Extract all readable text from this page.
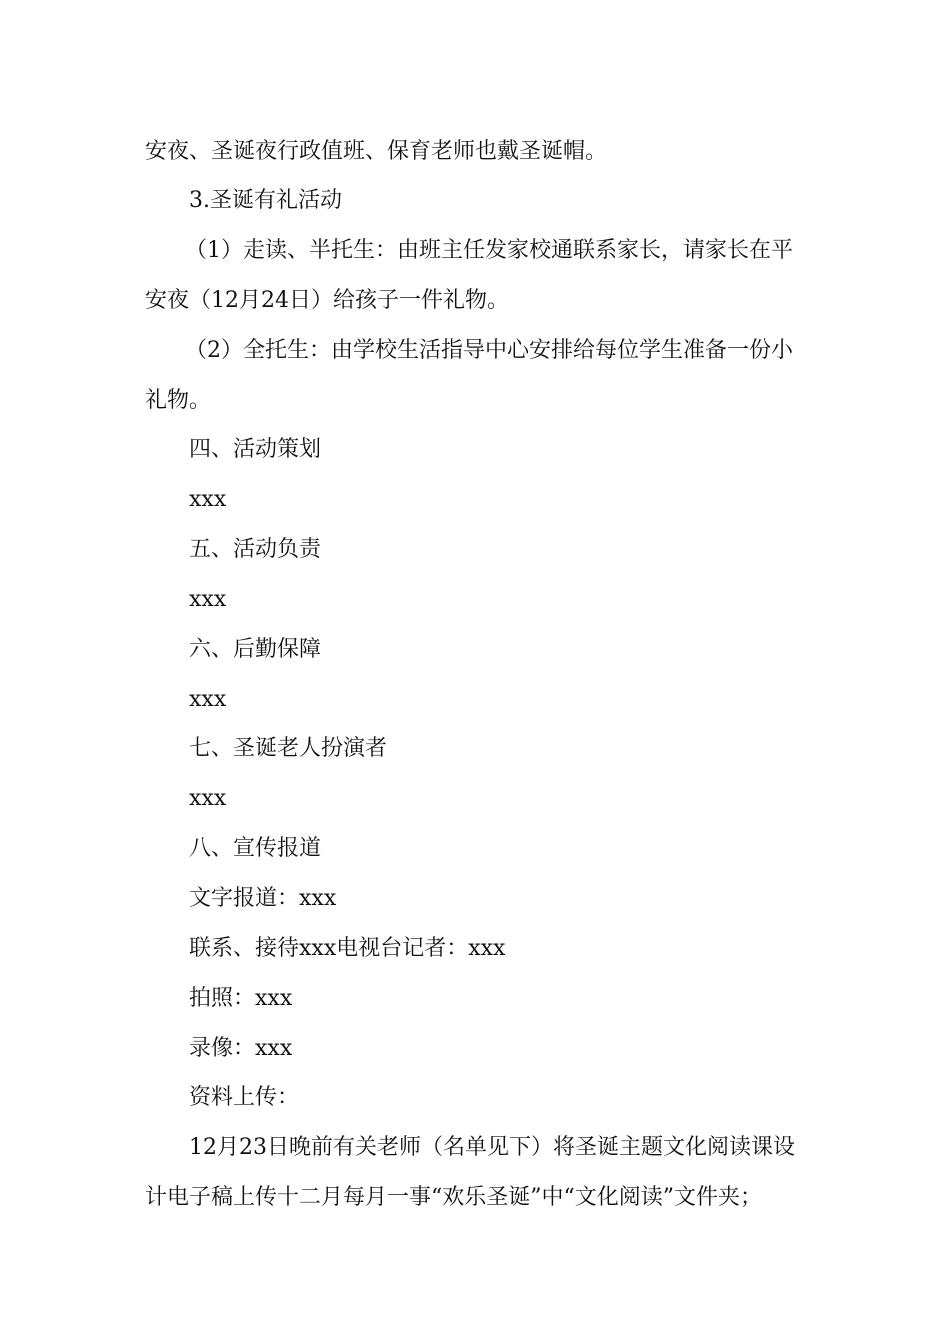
安夜、圣诞夜行政值班、保育老师也戴圣诞帽。
3.圣诞有礼活动
（1）走读、半托生：由班主任发家校通联系家长，请家长在平
安夜（12月24日）给孩子一件礼物。
（2）全托生：由学校生活指导中心安排给每位学生准备一份小
礼物。
四、活动策划
xxx
五、活动负责
xxx
六、后勤保障
xxx
七、圣诞老人扮演者
xxx
八、宣传报道
文字报道：xxx
联系、接待xxx电视台记者：xxx
拍照：xxx
录像：xxx
资料上传：
12月23日晚前有关老师（名单见下）将圣诞主题文化阅读课设
计电子稿上传十二月每月一事“欢乐圣诞”中“文化阅读”文件夹；
